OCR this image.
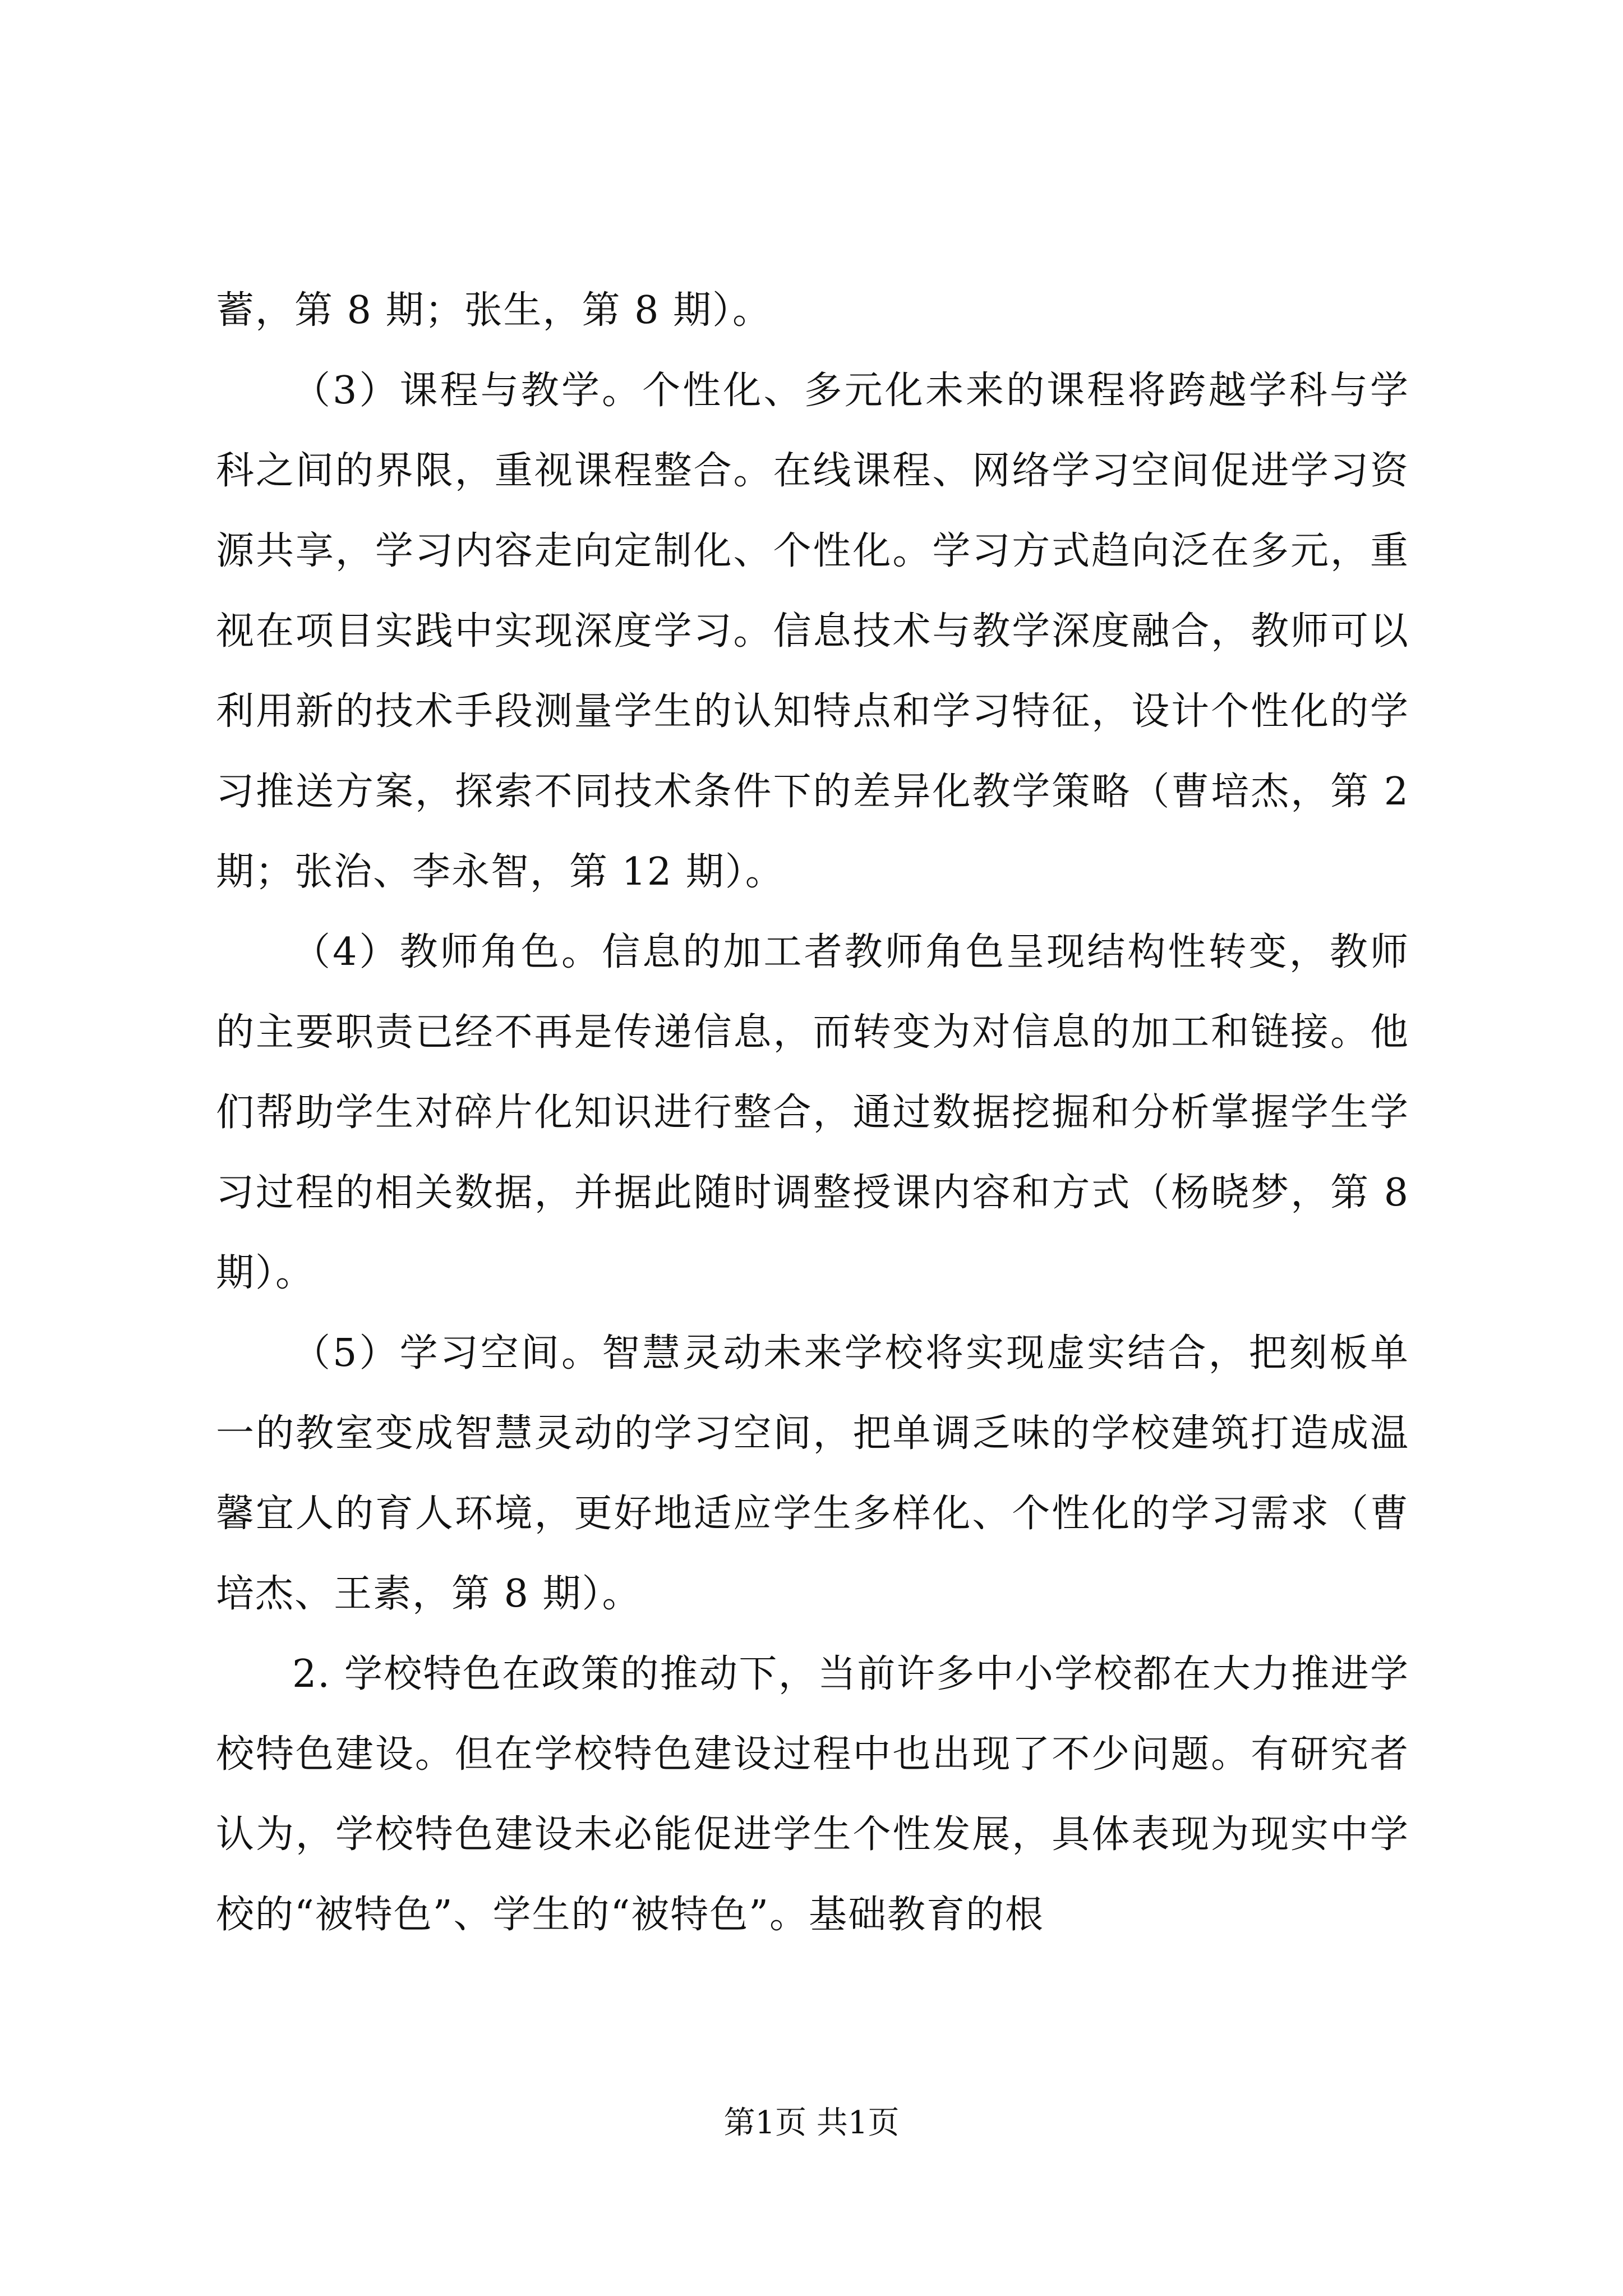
蓄，第 8 期；张生，第 8 期）。

（3）课程与教学。个性化、多元化未来的课程将跨越学科与学科之间的界限，重视课程整合。在线课程、网络学习空间促进学习资源共享，学习内容走向定制化、个性化。学习方式趋向泛在多元，重视在项目实践中实现深度学习。信息技术与教学深度融合，教师可以利用新的技术手段测量学生的认知特点和学习特征，设计个性化的学习推送方案，探索不同技术条件下的差异化教学策略（曹培杰，第 2 期；张治、李永智，第 12 期）。

（4）教师角色。信息的加工者教师角色呈现结构性转变，教师的主要职责已经不再是传递信息，而转变为对信息的加工和链接。他们帮助学生对碎片化知识进行整合，通过数据挖掘和分析掌握学生学习过程的相关数据，并据此随时调整授课内容和方式（杨晓梦，第 8 期）。

（5）学习空间。智慧灵动未来学校将实现虚实结合，把刻板单一的教室变成智慧灵动的学习空间，把单调乏味的学校建筑打造成温馨宜人的育人环境，更好地适应学生多样化、个性化的学习需求（曹培杰、王素，第 8 期）。

2. 学校特色在政策的推动下，当前许多中小学校都在大力推进学校特色建设。但在学校特色建设过程中也出现了不少问题。有研究者认为，学校特色建设未必能促进学生个性发展，具体表现为现实中学校的“被特色”、学生的“被特色”。基础教育的根

第1页 共1页
